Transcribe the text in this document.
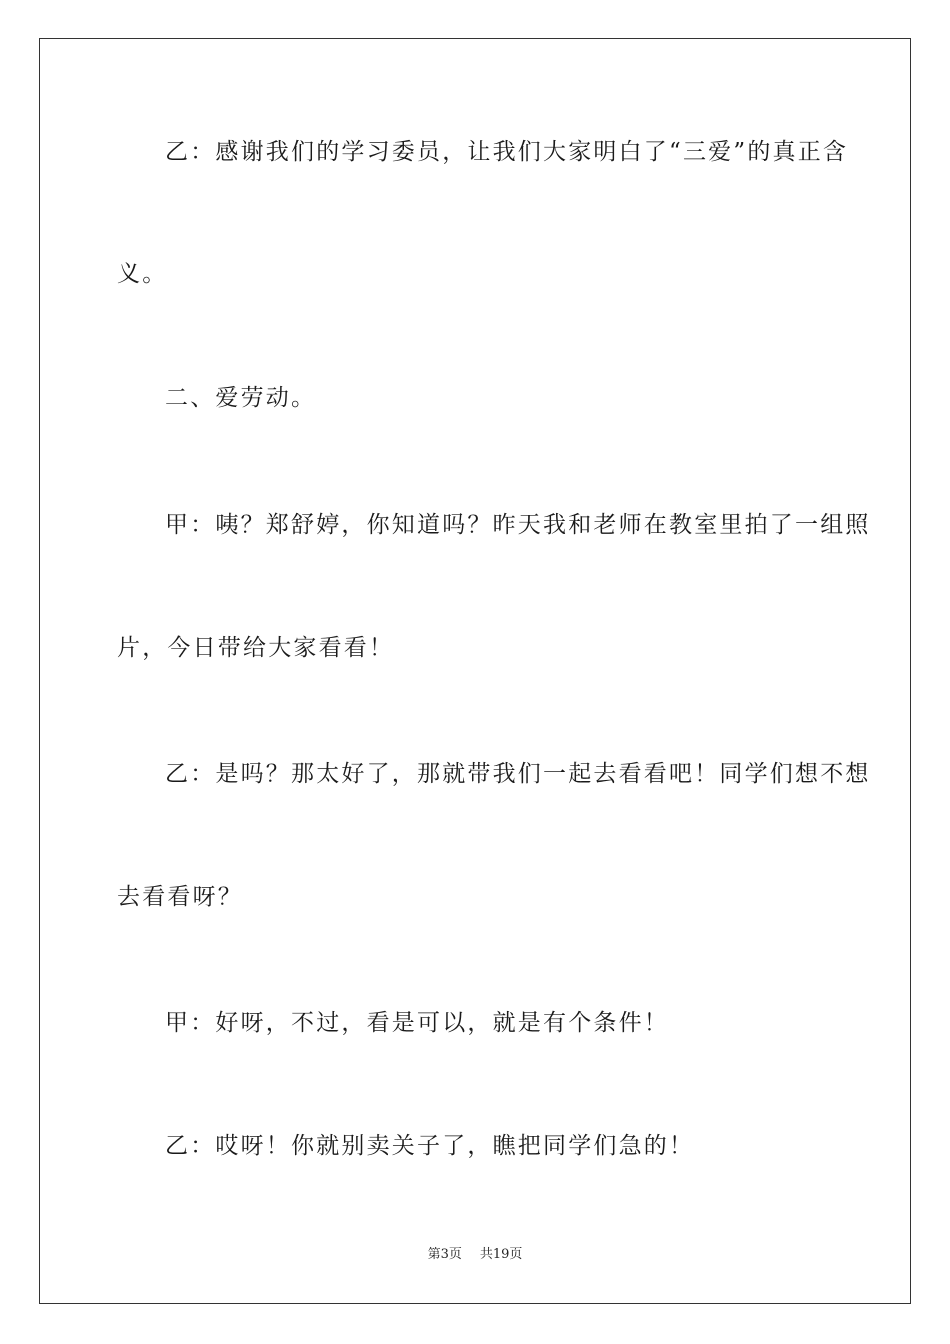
乙：感谢我们的学习委员，让我们大家明白了“三爱”的真正含
义。
二、爱劳动。
甲：咦？郑舒婷，你知道吗？昨天我和老师在教室里拍了一组照
片，今日带给大家看看！
乙：是吗？那太好了，那就带我们一起去看看吧！同学们想不想
去看看呀？
甲：好呀，不过，看是可以，就是有个条件！
乙：哎呀！你就别卖关子了，瞧把同学们急的！
第3页 共19页
